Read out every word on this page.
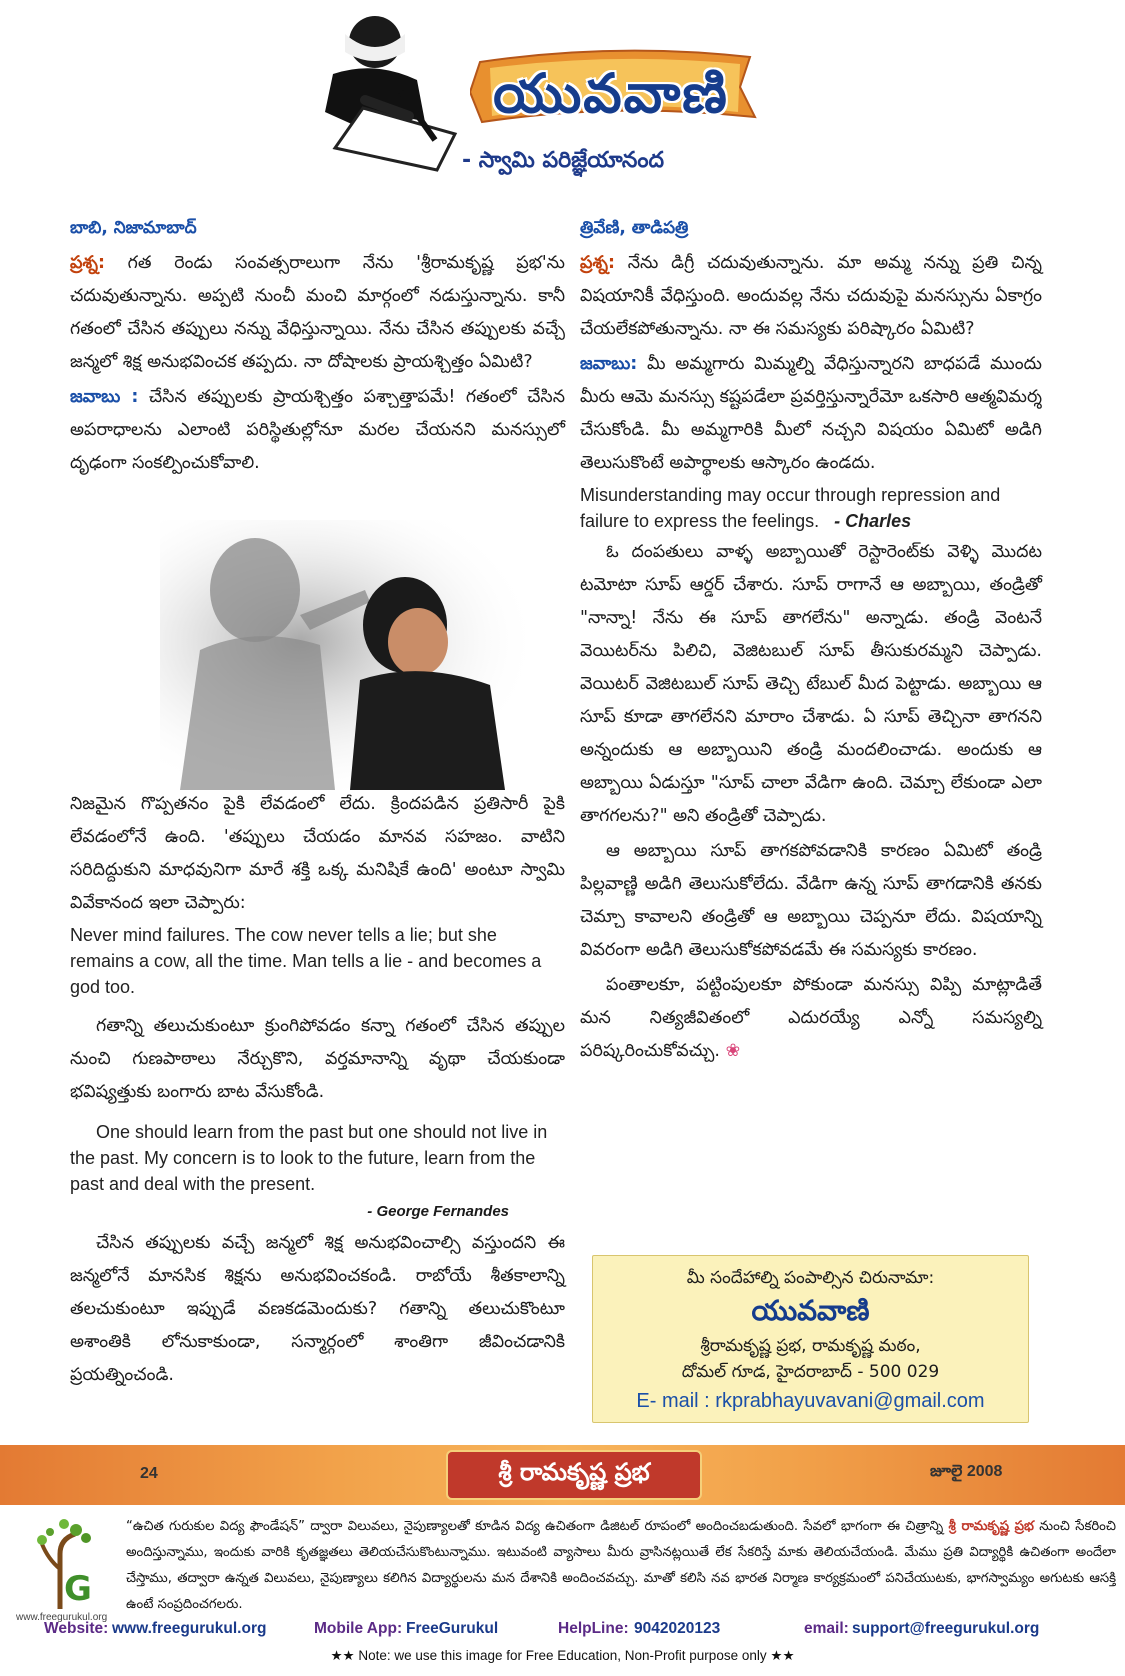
యువవాణి
- స్వామి పరిజ్ఞేయానంద

బాబి, నిజామాబాద్

ప్రశ్న: గత రెండు సంవత్సరాలుగా నేను 'శ్రీరామకృష్ణ ప్రభ'ను చదువుతున్నాను. అప్పటి నుంచీ మంచి మార్గంలో నడుస్తున్నాను. కానీ గతంలో చేసిన తప్పులు నన్ను వేధిస్తున్నాయి. నేను చేసిన తప్పులకు వచ్చే జన్మలో శిక్ష అనుభవించక తప్పదు. నా దోషాలకు ప్రాయశ్చిత్తం ఏమిటి?

జవాబు : చేసిన తప్పులకు ప్రాయశ్చిత్తం పశ్చాత్తాపమే! గతంలో చేసిన అపరాధాలను ఎలాంటి పరిస్థితుల్లోనూ మరల చేయనని మనస్సులో దృఢంగా సంకల్పించుకోవాలి.

నిజమైన గొప్పతనం పైకి లేవడంలో లేదు. క్రిందపడిన ప్రతిసారీ పైకి లేవడంలోనే ఉంది. 'తప్పులు చేయడం మానవ సహజం. వాటిని సరిదిద్దుకుని మాధవునిగా మారే శక్తి ఒక్క మనిషికే ఉంది' అంటూ స్వామి వివేకానంద ఇలా చెప్పారు:

Never mind failures. The cow never tells a lie; but she remains a cow, all the time. Man tells a lie - and becomes a god too.

గతాన్ని తలుచుకుంటూ క్రుంగిపోవడం కన్నా గతంలో చేసిన తప్పుల నుంచి గుణపాఠాలు నేర్చుకొని, వర్తమానాన్ని వృథా చేయకుండా భవిష్యత్తుకు బంగారు బాట వేసుకోండి.

One should learn from the past but one should not live in the past. My concern is to look to the future, learn from the past and deal with the present.

- George Fernandes

చేసిన తప్పులకు వచ్చే జన్మలో శిక్ష అనుభవించాల్సి వస్తుందని ఈ జన్మలోనే మానసిక శిక్షను అనుభవించకండి. రాబోయే శీతకాలాన్ని తలచుకుంటూ ఇప్పుడే వణకడమెందుకు? గతాన్ని తలుచుకొంటూ అశాంతికి లోనుకాకుండా, సన్మార్గంలో శాంతిగా జీవించడానికి ప్రయత్నించండి.

త్రివేణి, తాడిపత్రి

ప్రశ్న: నేను డిగ్రీ చదువుతున్నాను. మా అమ్మ నన్ను ప్రతి చిన్న విషయానికీ వేధిస్తుంది. అందువల్ల నేను చదువుపై మనస్సును ఏకాగ్రం చేయలేకపోతున్నాను. నా ఈ సమస్యకు పరిష్కారం ఏమిటి?

జవాబు: మీ అమ్మగారు మిమ్మల్ని వేధిస్తున్నారని బాధపడే ముందు మీరు ఆమె మనస్సు కష్టపడేలా ప్రవర్తిస్తున్నారేమో ఒకసారి ఆత్మవిమర్శ చేసుకోండి. మీ అమ్మగారికి మీలో నచ్చని విషయం ఏమిటో అడిగి తెలుసుకొంటే అపార్థాలకు ఆస్కారం ఉండదు.

Misunderstanding may occur through repression and failure to express the feelings. - Charles

ఓ దంపతులు వాళ్ళ అబ్బాయితో రెస్టారెంట్‌కు వెళ్ళి మొదట టమోటా సూప్ ఆర్డర్ చేశారు. సూప్ రాగానే ఆ అబ్బాయి, తండ్రితో "నాన్నా! నేను ఈ సూప్ తాగలేను" అన్నాడు. తండ్రి వెంటనే వెయిటర్‌ను పిలిచి, వెజిటబుల్ సూప్ తీసుకురమ్మని చెప్పాడు. వెయిటర్ వెజిటబుల్ సూప్ తెచ్చి టేబుల్ మీద పెట్టాడు. అబ్బాయి ఆ సూప్ కూడా తాగలేనని మారాం చేశాడు. ఏ సూప్ తెచ్చినా తాగనని అన్నందుకు ఆ అబ్బాయిని తండ్రి మందలించాడు. అందుకు ఆ అబ్బాయి ఏడుస్తూ "సూప్ చాలా వేడిగా ఉంది. చెమ్చా లేకుండా ఎలా తాగగలను?" అని తండ్రితో చెప్పాడు.

ఆ అబ్బాయి సూప్ తాగకపోవడానికి కారణం ఏమిటో తండ్రి పిల్లవాణ్ణి అడిగి తెలుసుకోలేదు. వేడిగా ఉన్న సూప్ తాగడానికి తనకు చెమ్చా కావాలని తండ్రితో ఆ అబ్బాయి చెప్పనూ లేదు. విషయాన్ని వివరంగా అడిగి తెలుసుకోకపోవడమే ఈ సమస్యకు కారణం.

పంతాలకూ, పట్టింపులకూ పోకుండా మనస్సు విప్పి మాట్లాడితే మన నిత్యజీవితంలో ఎదురయ్యే ఎన్నో సమస్యల్ని పరిష్కరించుకోవచ్చు. ❀

మీ సందేహాల్ని పంపాల్సిన చిరునామా:
యువవాణి
శ్రీరామకృష్ణ ప్రభ, రామకృష్ణ మఠం,
దోమల్ గూడ, హైదరాబాద్ - 500 029
E- mail : rkprabhayuvavani@gmail.com
24	శ్రీ రామకృష్ణ ప్రభ	జూలై 2008
G
www.freegurukul.org
“ఉచిత గురుకుల విద్య ఫౌండేషన్” ద్వారా విలువలు, నైపుణ్యాలతో కూడిన విద్య ఉచితంగా డిజిటల్ రూపంలో అందించబడుతుంది. సేవలో భాగంగా ఈ చిత్రాన్ని శ్రీ రామకృష్ణ ప్రభ నుంచి సేకరించి అందిస్తున్నాము, ఇందుకు వారికి కృతజ్ఞతలు తెలియచేసుకొంటున్నాము. ఇటువంటి వ్యాసాలు మీరు వ్రాసినట్లయితే లేక సేకరిస్తే మాకు తెలియచేయండి. మేము ప్రతి విద్యార్థికి ఉచితంగా అందేలా చేస్తాము, తద్వారా ఉన్నత విలువలు, నైపుణ్యాలు కలిగిన విద్యార్థులను మన దేశానికి అందించవచ్చు. మాతో కలిసి నవ భారత నిర్మాణ కార్యక్రమంలో పనిచేయుటకు, భాగస్వామ్యం అగుటకు ఆసక్తి ఉంటే సంప్రదించగలరు.
Website: www.freegurukul.org	Mobile App: FreeGurukul	HelpLine: 9042020123	email: support@freegurukul.org
★★ Note: we use this image for Free Education, Non-Profit purpose only ★★
